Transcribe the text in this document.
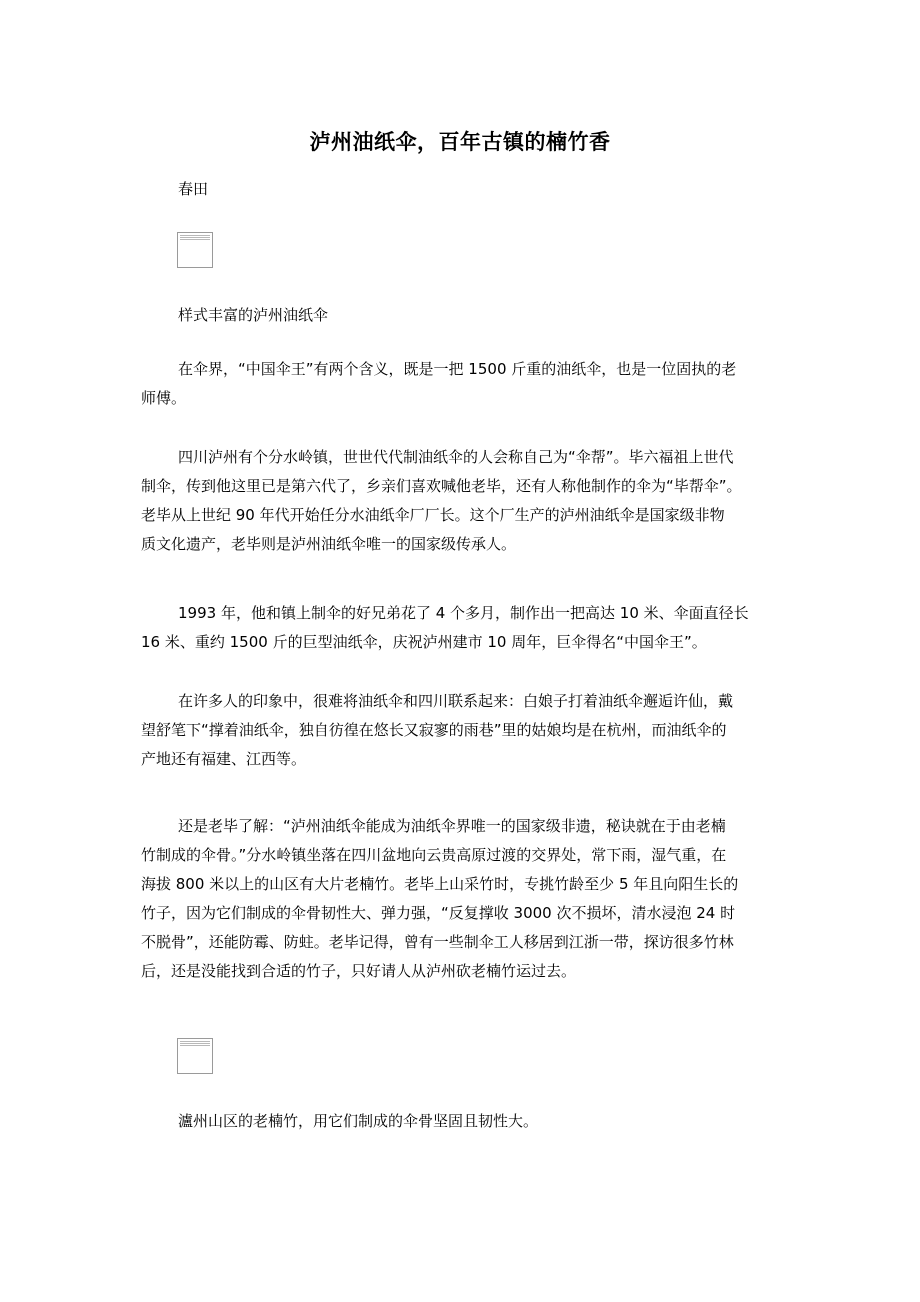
泸州油纸伞，百年古镇的楠竹香

春田

样式丰富的泸州油纸伞

在伞界，“中国伞王”有两个含义，既是一把 1500 斤重的油纸伞，也是一位固执的老
师傅。
四川泸州有个分水岭镇，世世代代制油纸伞的人会称自己为“伞帮”。毕六福祖上世代
制伞，传到他这里已是第六代了，乡亲们喜欢喊他老毕，还有人称他制作的伞为“毕帮伞”。
老毕从上世纪 90 年代开始任分水油纸伞厂厂长。这个厂生产的泸州油纸伞是国家级非物
质文化遗产，老毕则是泸州油纸伞唯一的国家级传承人。
1993 年，他和镇上制伞的好兄弟花了 4 个多月，制作出一把高达 10 米、伞面直径长
16 米、重约 1500 斤的巨型油纸伞，庆祝泸州建市 10 周年，巨伞得名“中国伞王”。
在许多人的印象中，很难将油纸伞和四川联系起来：白娘子打着油纸伞邂逅许仙，戴
望舒笔下“撑着油纸伞，独自彷徨在悠长又寂寥的雨巷”里的姑娘均是在杭州，而油纸伞的
产地还有福建、江西等。
还是老毕了解：“泸州油纸伞能成为油纸伞界唯一的国家级非遗，秘诀就在于由老楠
竹制成的伞骨。”分水岭镇坐落在四川盆地向云贵高原过渡的交界处，常下雨，湿气重，在
海拔 800 米以上的山区有大片老楠竹。老毕上山采竹时，专挑竹龄至少 5 年且向阳生长的
竹子，因为它们制成的伞骨韧性大、弹力强，“反复撑收 3000 次不损坏，清水浸泡 24 时
不脱骨”，还能防霉、防蛀。老毕记得，曾有一些制伞工人移居到江浙一带，探访很多竹林
后，还是没能找到合适的竹子，只好请人从泸州砍老楠竹运过去。

瀘州山区的老楠竹，用它们制成的伞骨坚固且韧性大。
